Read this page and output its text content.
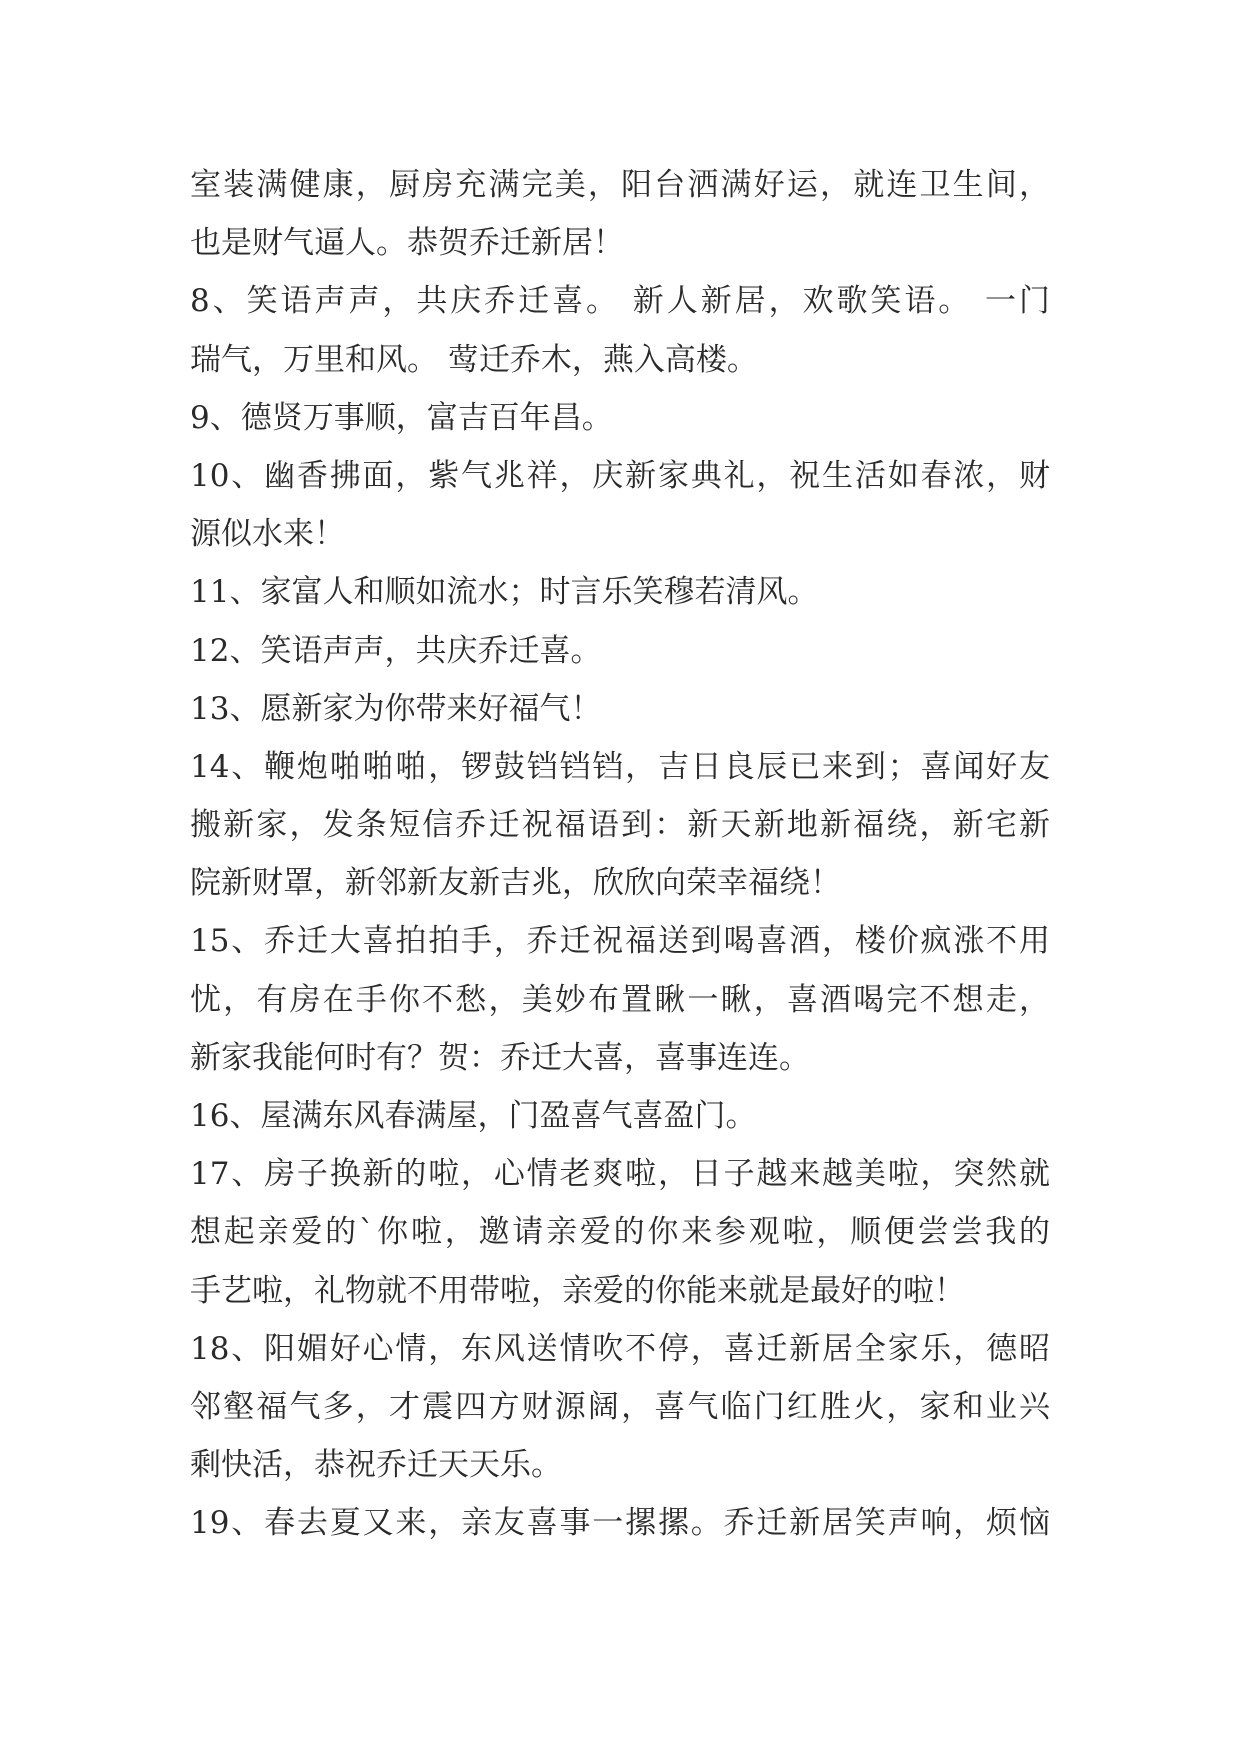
室装满健康，厨房充满完美，阳台洒满好运，就连卫生间，
也是财气逼人。恭贺乔迁新居！
8、笑语声声，共庆乔迁喜。 新人新居，欢歌笑语。 一门
瑞气，万里和风。 莺迁乔木，燕入高楼。
9、德贤万事顺，富吉百年昌。
10、幽香拂面，紫气兆祥，庆新家典礼，祝生活如春浓，财
源似水来！
11、家富人和顺如流水；时言乐笑穆若清风。
12、笑语声声，共庆乔迁喜。
13、愿新家为你带来好福气！
14、鞭炮啪啪啪，锣鼓铛铛铛，吉日良辰已来到；喜闻好友
搬新家，发条短信乔迁祝福语到：新天新地新福绕，新宅新
院新财罩，新邻新友新吉兆，欣欣向荣幸福绕！
15、乔迁大喜拍拍手，乔迁祝福送到喝喜酒，楼价疯涨不用
忧，有房在手你不愁，美妙布置瞅一瞅，喜酒喝完不想走，
新家我能何时有？贺：乔迁大喜，喜事连连。
16、屋满东风春满屋，门盈喜气喜盈门。
17、房子换新的啦，心情老爽啦，日子越来越美啦，突然就
想起亲爱的`你啦，邀请亲爱的你来参观啦，顺便尝尝我的
手艺啦，礼物就不用带啦，亲爱的你能来就是最好的啦！
18、阳媚好心情，东风送情吹不停，喜迁新居全家乐，德昭
邻壑福气多，才震四方财源阔，喜气临门红胜火，家和业兴
剩快活，恭祝乔迁天天乐。
19、春去夏又来，亲友喜事一摞摞。乔迁新居笑声响，烦恼
